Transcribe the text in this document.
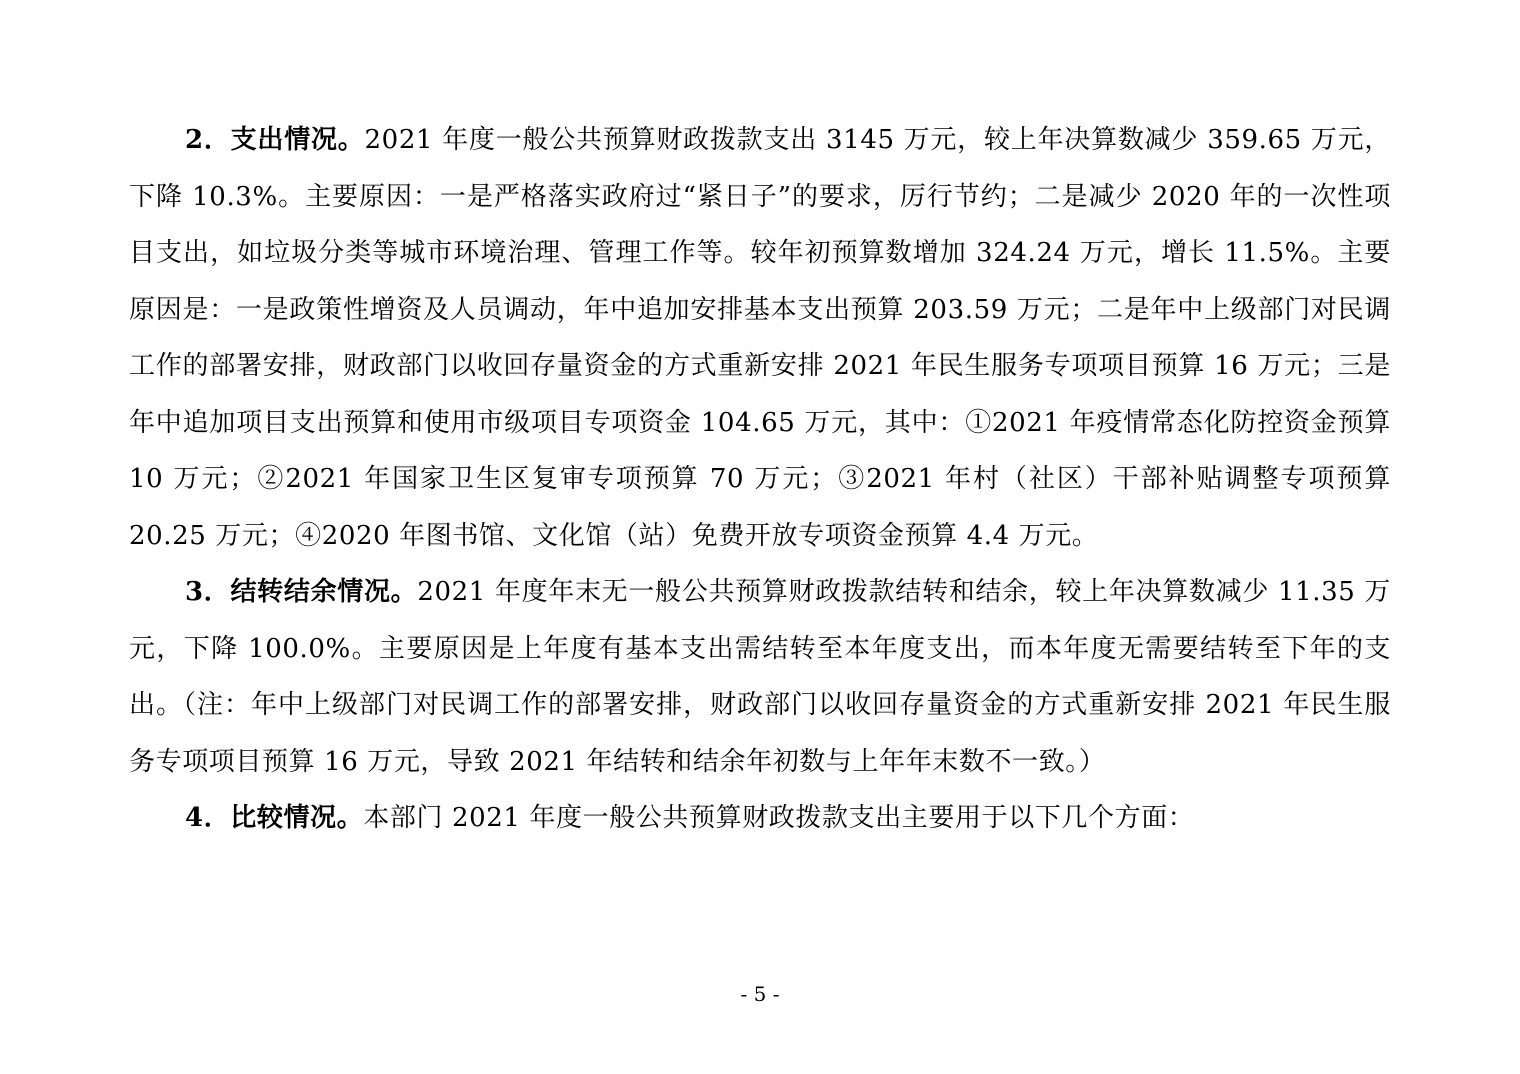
2．支出情况。2021 年度一般公共预算财政拨款支出 3145 万元，较上年决算数减少 359.65 万元，下降 10.3%。主要原因：一是严格落实政府过“紧日子”的要求，厉行节约；二是减少 2020 年的一次性项目支出，如垃圾分类等城市环境治理、管理工作等。较年初预算数增加 324.24 万元，增长 11.5%。主要原因是：一是政策性增资及人员调动，年中追加安排基本支出预算 203.59 万元；二是年中上级部门对民调工作的部署安排，财政部门以收回存量资金的方式重新安排 2021 年民生服务专项项目预算 16 万元；三是年中追加项目支出预算和使用市级项目专项资金 104.65 万元，其中：①2021 年疫情常态化防控资金预算 10 万元；②2021 年国家卫生区复审专项预算 70 万元；③2021 年村（社区）干部补贴调整专项预算 20.25 万元；④2020 年图书馆、文化馆（站）免费开放专项资金预算 4.4 万元。

3．结转结余情况。2021 年度年末无一般公共预算财政拨款结转和结余，较上年决算数减少 11.35 万元，下降 100.0%。主要原因是上年度有基本支出需结转至本年度支出，而本年度无需要结转至下年的支出。（注：年中上级部门对民调工作的部署安排，财政部门以收回存量资金的方式重新安排 2021 年民生服务专项项目预算 16 万元，导致 2021 年结转和结余年初数与上年年末数不一致。）

4．比较情况。本部门 2021 年度一般公共预算财政拨款支出主要用于以下几个方面：

- 5 -
